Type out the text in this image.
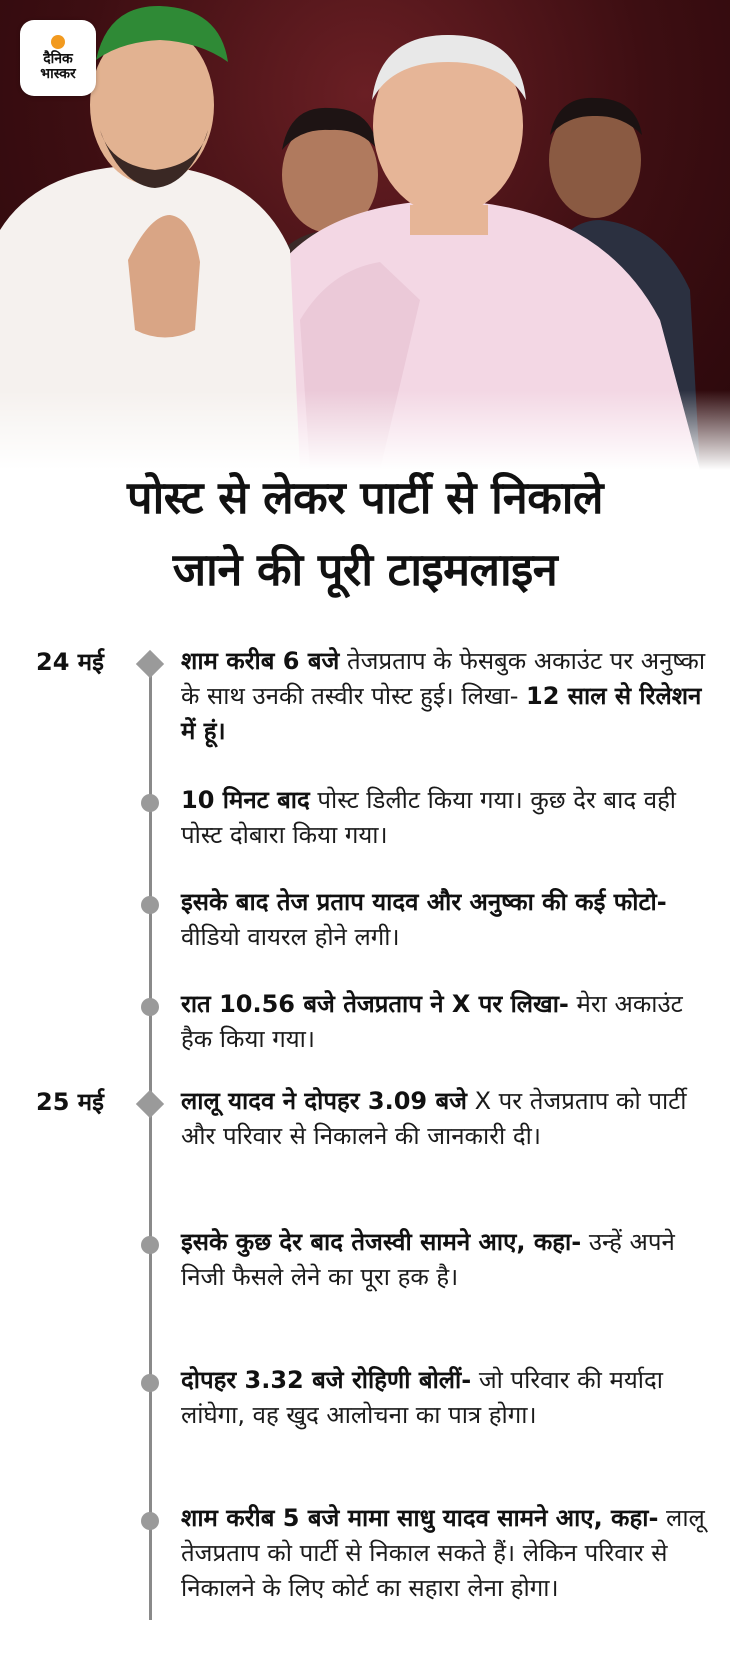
दैनिक
भास्कर
पोस्ट से लेकर पार्टी से निकाले
जाने की पूरी टाइमलाइन
24 मई	शाम करीब 6 बजे तेजप्रताप के फेसबुक अकाउंट पर अनुष्का के साथ उनकी तस्वीर पोस्ट हुई। लिखा- 12 साल से रिलेशन में हूं।
10 मिनट बाद पोस्ट डिलीट किया गया। कुछ देर बाद वही पोस्ट दोबारा किया गया।
इसके बाद तेज प्रताप यादव और अनुष्का की कई फोटो- वीडियो वायरल होने लगी।
रात 10.56 बजे तेजप्रताप ने X पर लिखा- मेरा अकाउंट हैक किया गया।
25 मई	लालू यादव ने दोपहर 3.09 बजे X पर तेजप्रताप को पार्टी और परिवार से निकालने की जानकारी दी।
इसके कुछ देर बाद तेजस्वी सामने आए, कहा- उन्हें अपने निजी फैसले लेने का पूरा हक है।
दोपहर 3.32 बजे रोहिणी बोलीं- जो परिवार की मर्यादा लांघेगा, वह खुद आलोचना का पात्र होगा।
शाम करीब 5 बजे मामा साधु यादव सामने आए, कहा- लालू तेजप्रताप को पार्टी से निकाल सकते हैं। लेकिन परिवार से निकालने के लिए कोर्ट का सहारा लेना होगा।
